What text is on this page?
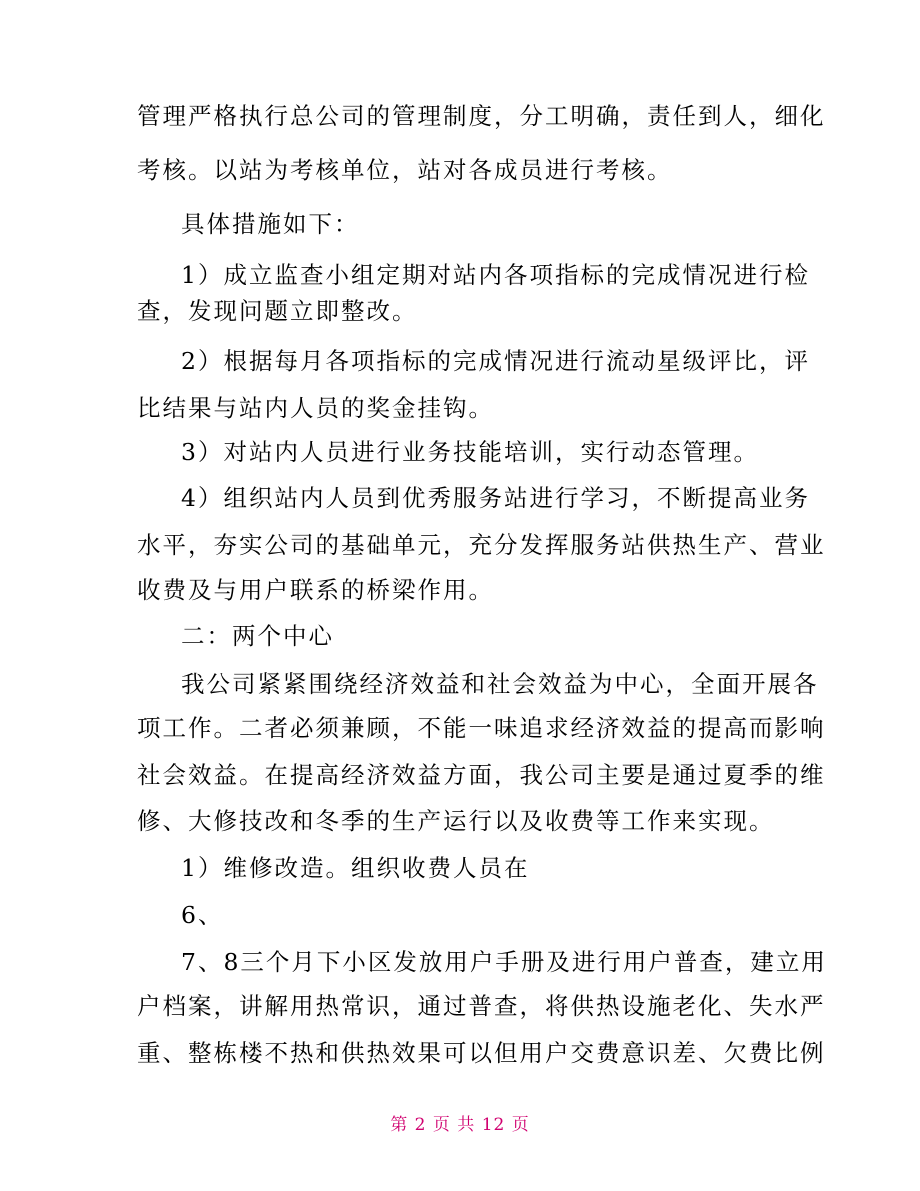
管理严格执行总公司的管理制度，分工明确，责任到人，细化
考核。以站为考核单位，站对各成员进行考核。
具体措施如下：
1）成立监查小组定期对站内各项指标的完成情况进行检
查，发现问题立即整改。
2）根据每月各项指标的完成情况进行流动星级评比，评
比结果与站内人员的奖金挂钩。
3）对站内人员进行业务技能培训，实行动态管理。
4）组织站内人员到优秀服务站进行学习，不断提高业务
水平，夯实公司的基础单元，充分发挥服务站供热生产、营业
收费及与用户联系的桥梁作用。
二：两个中心
我公司紧紧围绕经济效益和社会效益为中心，全面开展各
项工作。二者必须兼顾，不能一味追求经济效益的提高而影响
社会效益。在提高经济效益方面，我公司主要是通过夏季的维
修、大修技改和冬季的生产运行以及收费等工作来实现。
1）维修改造。组织收费人员在
6、
7、8三个月下小区发放用户手册及进行用户普查，建立用
户档案，讲解用热常识，通过普查，将供热设施老化、失水严
重、整栋楼不热和供热效果可以但用户交费意识差、欠费比例
第 2 页 共 12 页
